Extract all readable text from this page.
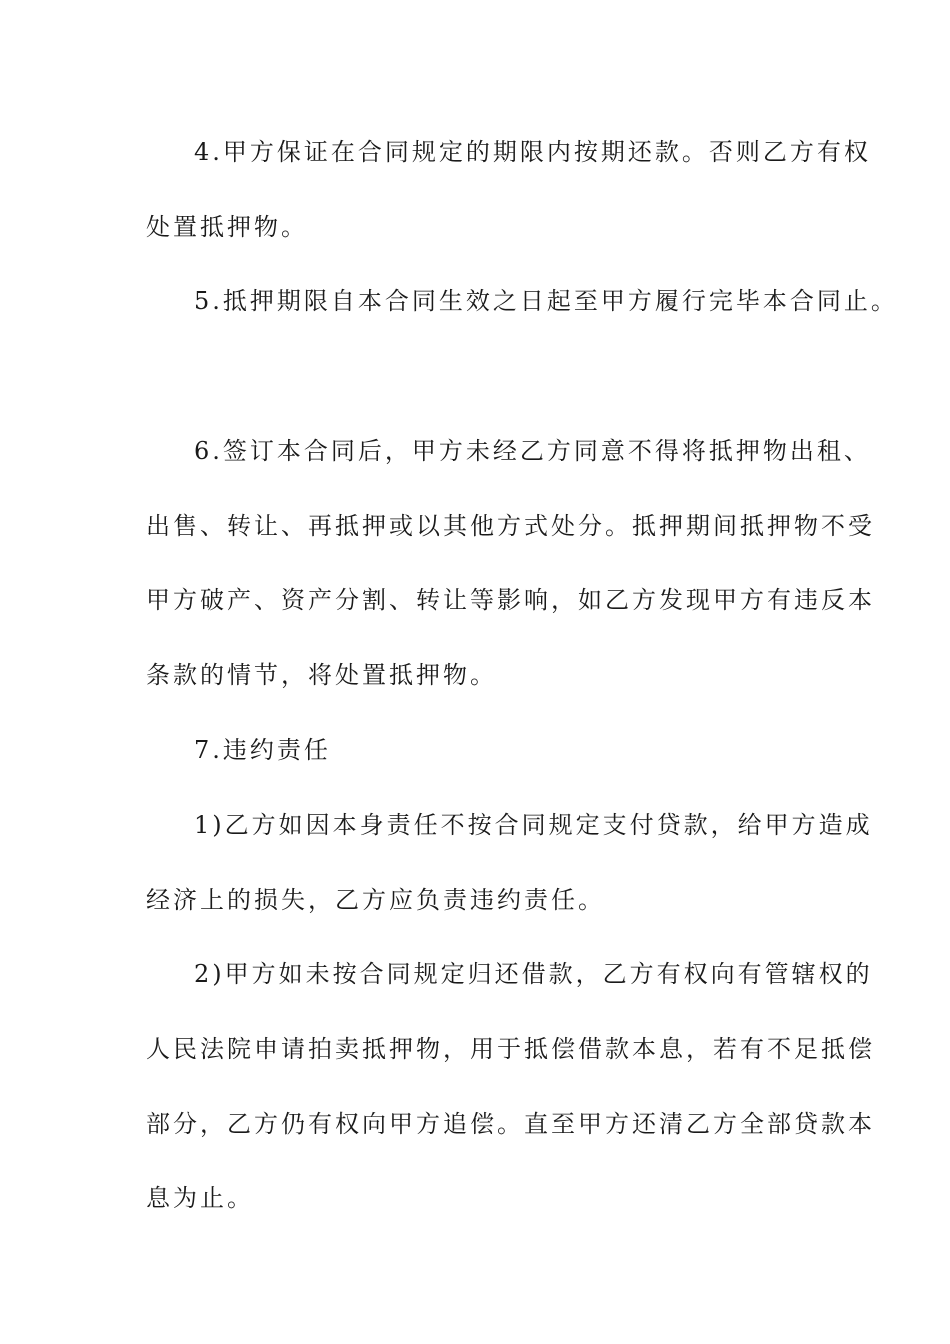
4.甲方保证在合同规定的期限内按期还款。否则乙方有权
处置抵押物。
5.抵押期限自本合同生效之日起至甲方履行完毕本合同止。
6.签订本合同后，甲方未经乙方同意不得将抵押物出租、
出售、转让、再抵押或以其他方式处分。抵押期间抵押物不受
甲方破产、资产分割、转让等影响，如乙方发现甲方有违反本
条款的情节，将处置抵押物。
7.违约责任
1)乙方如因本身责任不按合同规定支付贷款，给甲方造成
经济上的损失，乙方应负责违约责任。
2)甲方如未按合同规定归还借款，乙方有权向有管辖权的
人民法院申请拍卖抵押物，用于抵偿借款本息，若有不足抵偿
部分，乙方仍有权向甲方追偿。直至甲方还清乙方全部贷款本
息为止。
